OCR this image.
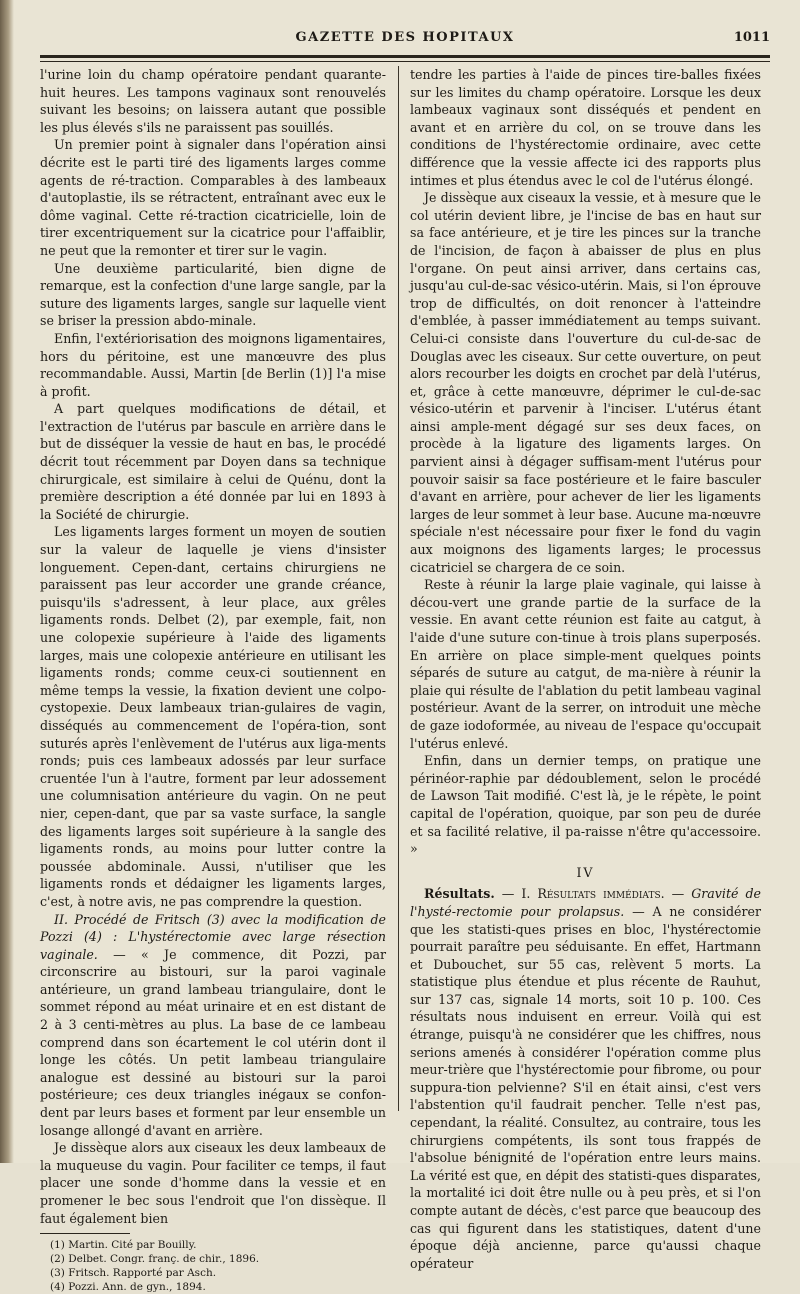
GAZETTE DES HOPITAUX	1011

l'urine loin du champ opératoire pendant quarante-huit heures. Les tampons vaginaux sont renouvelés suivant les besoins; on laissera autant que possible les plus élevés s'ils ne paraissent pas souillés.

Un premier point à signaler dans l'opération ainsi décrite est le parti tiré des ligaments larges comme agents de ré-traction. Comparables à des lambeaux d'autoplastie, ils se rétractent, entraînant avec eux le dôme vaginal. Cette ré-traction cicatricielle, loin de tirer excentriquement sur la cicatrice pour l'affaiblir, ne peut que la remonter et tirer sur le vagin.

Une deuxième particularité, bien digne de remarque, est la confection d'une large sangle, par la suture des ligaments larges, sangle sur laquelle vient se briser la pression abdo-minale.

Enfin, l'extériorisation des moignons ligamentaires, hors du péritoine, est une manœuvre des plus recommandable. Aussi, Martin [de Berlin (1)] l'a mise à profit.

A part quelques modifications de détail, et l'extraction de l'utérus par bascule en arrière dans le but de disséquer la vessie de haut en bas, le procédé décrit tout récemment par Doyen dans sa technique chirurgicale, est similaire à celui de Quénu, dont la première description a été donnée par lui en 1893 à la Société de chirurgie.

Les ligaments larges forment un moyen de soutien sur la valeur de laquelle je viens d'insister longuement. Cepen-dant, certains chirurgiens ne paraissent pas leur accorder une grande créance, puisqu'ils s'adressent, à leur place, aux grêles ligaments ronds. Delbet (2), par exemple, fait, non une colopexie supérieure à l'aide des ligaments larges, mais une colopexie antérieure en utilisant les ligaments ronds; comme ceux-ci soutiennent en même temps la vessie, la fixation devient une colpo-cystopexie. Deux lambeaux trian-gulaires de vagin, disséqués au commencement de l'opéra-tion, sont suturés après l'enlèvement de l'utérus aux liga-ments ronds; puis ces lambeaux adossés par leur surface cruentée l'un à l'autre, forment par leur adossement une columnisation antérieure du vagin. On ne peut nier, cepen-dant, que par sa vaste surface, la sangle des ligaments larges soit supérieure à la sangle des ligaments ronds, au moins pour lutter contre la poussée abdominale. Aussi, n'utiliser que les ligaments ronds et dédaigner les ligaments larges, c'est, à notre avis, ne pas comprendre la question.

II. Procédé de Fritsch (3) avec la modification de Pozzi (4) : L'hystérectomie avec large résection vaginale. — « Je commence, dit Pozzi, par circonscrire au bistouri, sur la paroi vaginale antérieure, un grand lambeau triangulaire, dont le sommet répond au méat urinaire et en est distant de 2 à 3 centi-mètres au plus. La base de ce lambeau comprend dans son écartement le col utérin dont il longe les côtés. Un petit lambeau triangulaire analogue est dessiné au bistouri sur la paroi postérieure; ces deux triangles inégaux se confon-dent par leurs bases et forment par leur ensemble un losange allongé d'avant en arrière.

Je dissèque alors aux ciseaux les deux lambeaux de la muqueuse du vagin. Pour faciliter ce temps, il faut placer une sonde d'homme dans la vessie et en promener le bec sous l'endroit que l'on dissèque. Il faut également bien

(1) Martin. Cité par Bouilly.
(2) Delbet. Congr. franç. de chir., 1896.
(3) Fritsch. Rapporté par Asch.
(4) Pozzi. Ann. de gyn., 1894.

tendre les parties à l'aide de pinces tire-balles fixées sur les limites du champ opératoire. Lorsque les deux lambeaux vaginaux sont disséqués et pendent en avant et en arrière du col, on se trouve dans les conditions de l'hystérectomie ordinaire, avec cette différence que la vessie affecte ici des rapports plus intimes et plus étendus avec le col de l'utérus élongé.

Je dissèque aux ciseaux la vessie, et à mesure que le col utérin devient libre, je l'incise de bas en haut sur sa face antérieure, et je tire les pinces sur la tranche de l'incision, de façon à abaisser de plus en plus l'organe. On peut ainsi arriver, dans certains cas, jusqu'au cul-de-sac vésico-utérin. Mais, si l'on éprouve trop de difficultés, on doit renoncer à l'atteindre d'emblée, à passer immédiatement au temps suivant. Celui-ci consiste dans l'ouverture du cul-de-sac de Douglas avec les ciseaux. Sur cette ouverture, on peut alors recourber les doigts en crochet par delà l'utérus, et, grâce à cette manœuvre, déprimer le cul-de-sac vésico-utérin et parvenir à l'inciser. L'utérus étant ainsi ample-ment dégagé sur ses deux faces, on procède à la ligature des ligaments larges. On parvient ainsi à dégager suffisam-ment l'utérus pour pouvoir saisir sa face postérieure et le faire basculer d'avant en arrière, pour achever de lier les ligaments larges de leur sommet à leur base. Aucune ma-nœuvre spéciale n'est nécessaire pour fixer le fond du vagin aux moignons des ligaments larges; le processus cicatriciel se chargera de ce soin.

Reste à réunir la large plaie vaginale, qui laisse à décou-vert une grande partie de la surface de la vessie. En avant cette réunion est faite au catgut, à l'aide d'une suture con-tinue à trois plans superposés. En arrière on place simple-ment quelques points séparés de suture au catgut, de ma-nière à réunir la plaie qui résulte de l'ablation du petit lambeau vaginal postérieur. Avant de la serrer, on introduit une mèche de gaze iodoformée, au niveau de l'espace qu'occupait l'utérus enlevé.

Enfin, dans un dernier temps, on pratique une périnéor-raphie par dédoublement, selon le procédé de Lawson Tait modifié. C'est là, je le répète, le point capital de l'opération, quoique, par son peu de durée et sa facilité relative, il pa-raisse n'être qu'accessoire. »

IV

Résultats. — I. Résultats immédiats. — Gravité de l'hysté-rectomie pour prolapsus. — A ne considérer que les statisti-ques prises en bloc, l'hystérectomie pourrait paraître peu séduisante. En effet, Hartmann et Dubouchet, sur 55 cas, relèvent 5 morts. La statistique plus étendue et plus récente de Rauhut, sur 137 cas, signale 14 morts, soit 10 p. 100. Ces résultats nous induisent en erreur. Voilà qui est étrange, puisqu'à ne considérer que les chiffres, nous serions amenés à considérer l'opération comme plus meur-trière que l'hystérectomie pour fibrome, ou pour suppura-tion pelvienne? S'il en était ainsi, c'est vers l'abstention qu'il faudrait pencher. Telle n'est pas, cependant, la réalité. Consultez, au contraire, tous les chirurgiens compétents, ils sont tous frappés de l'absolue bénignité de l'opération entre leurs mains. La vérité est que, en dépit des statisti-ques disparates, la mortalité ici doit être nulle ou à peu près, et si l'on compte autant de décès, c'est parce que beaucoup des cas qui figurent dans les statistiques, datent d'une époque déjà ancienne, parce qu'aussi chaque opérateur
